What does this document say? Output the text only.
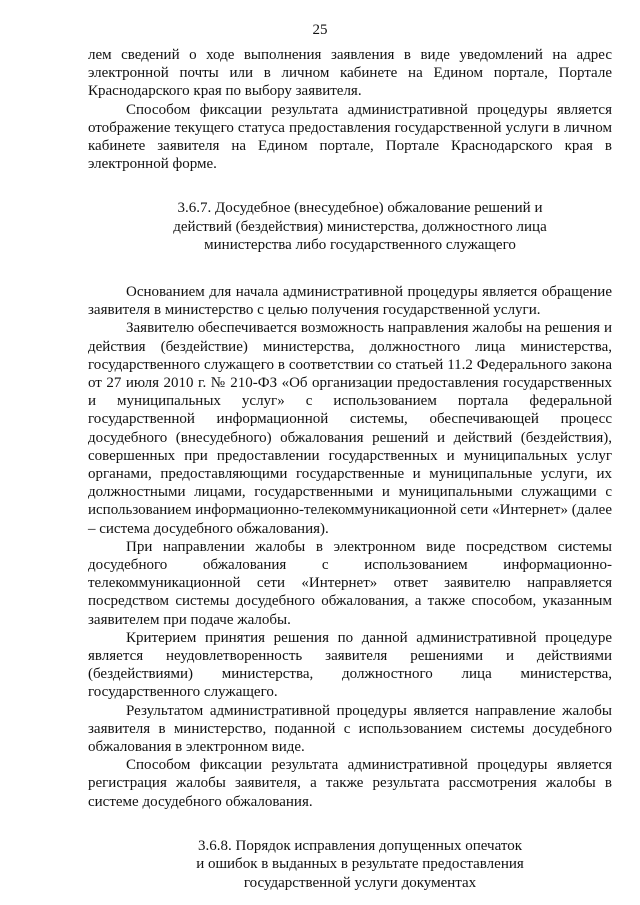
25

лем сведений о ходе выполнения заявления в виде уведомлений на адрес электронной почты или в личном кабинете на Едином портале, Портале Краснодарского края по выбору заявителя.

Способом фиксации результата административной процедуры является отображение текущего статуса предоставления государственной услуги в личном кабинете заявителя на Едином портале, Портале Краснодарского края в электронной форме.

3.6.7. Досудебное (внесудебное) обжалование решений и
действий (бездействия) министерства, должностного лица
министерства либо государственного служащего

Основанием для начала административной процедуры является обращение заявителя в министерство с целью получения государственной услуги.

Заявителю обеспечивается возможность направления жалобы на решения и действия (бездействие) министерства, должностного лица министерства, государственного служащего в соответствии со статьей 11.2 Федерального закона от 27 июля 2010 г. № 210-ФЗ «Об организации предоставления государственных и муниципальных услуг» с использованием портала федеральной государственной информационной системы, обеспечивающей процесс досудебного (внесудебного) обжалования решений и действий (бездействия), совершенных при предоставлении государственных и муниципальных услуг органами, предоставляющими государственные и муниципальные услуги, их должностными лицами, государственными и муниципальными служащими с использованием информационно-телекоммуникационной сети «Интернет» (далее – система досудебного обжалования).

При направлении жалобы в электронном виде посредством системы досудебного обжалования с использованием информационно-телекоммуникационной сети «Интернет» ответ заявителю направляется посредством системы досудебного обжалования, а также способом, указанным заявителем при подаче жалобы.

Критерием принятия решения по данной административной процедуре является неудовлетворенность заявителя решениями и действиями (бездействиями) министерства, должностного лица министерства, государственного служащего.

Результатом административной процедуры является направление жалобы заявителя в министерство, поданной с использованием системы досудебного обжалования в электронном виде.

Способом фиксации результата административной процедуры является регистрация жалобы заявителя, а также результата рассмотрения жалобы в системе досудебного обжалования.

3.6.8. Порядок исправления допущенных опечаток
и ошибок в выданных в результате предоставления
государственной услуги документах
